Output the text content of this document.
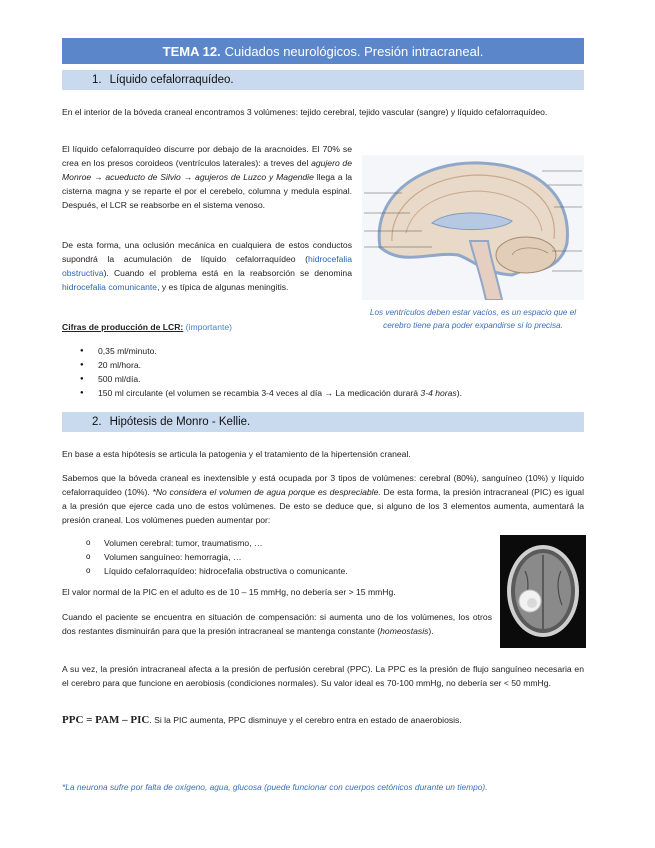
TEMA 12. Cuidados neurológicos. Presión intracraneal.
1. Líquido cefalorraquídeo.

En el interior de la bóveda craneal encontramos 3 volúmenes: tejido cerebral, tejido vascular (sangre) y líquido cefalorraquídeo.

El líquido cefalorraquídeo discurre por debajo de la aracnoides. El 70% se crea en los presos coroideos (ventrículos laterales): a treves del agujero de Monroe → acueducto de Silvio → agujeros de Luzco y Magendie llega a la cisterna magna y se reparte el por el cerebelo, columna y medula espinal. Después, el LCR se reabsorbe en el sistema venoso.

De esta forma, una oclusión mecánica en cualquiera de estos conductos supondrá la acumulación de líquido cefalorraquídeo (hidrocefalia obstructiva). Cuando el problema está en la reabsorción se denomina hidrocefalia comunicante, y es típica de algunas meningitis.

Cifras de producción de LCR: (importante)

● 0,35 ml/minuto.
● 20 ml/hora.
● 500 ml/día.
● 150 ml circulante (el volumen se recambia 3-4 veces al día → La medicación durará 3-4 horas).

Los ventrículos deben estar vacíos, es un espacio que el cerebro tiene para poder expandirse si lo precisa.

2. Hipótesis de Monro - Kellie.

En base a esta hipótesis se articula la patogenia y el tratamiento de la hipertensión craneal.

Sabemos que la bóveda craneal es inextensible y está ocupada por 3 tipos de volúmenes: cerebral (80%), sanguíneo (10%) y líquido cefalorraquídeo (10%). *No considera el volumen de agua porque es despreciable. De esta forma, la presión intracraneal (PIC) es igual a la presión que ejerce cada uno de estos volúmenes. De esto se deduce que, si alguno de los 3 elementos aumenta, aumentará la presión craneal. Los volúmenes pueden aumentar por:

o Volumen cerebral: tumor, traumatismo, …
o Volumen sanguíneo: hemorragia, …
o Líquido cefalorraquídeo: hidrocefalia obstructiva o comunicante.

El valor normal de la PIC en el adulto es de 10 – 15 mmHg, no debería ser > 15 mmHg.

Cuando el paciente se encuentra en situación de compensación: si aumenta uno de los volúmenes, los otros dos restantes disminuirán para que la presión intracraneal se mantenga constante (homeostasis).

A su vez, la presión intracraneal afecta a la presión de perfusión cerebral (PPC). La PPC es la presión de flujo sanguíneo necesaria en el cerebro para que funcione en aerobiosis (condiciones normales). Su valor ideal es 70-100 mmHg, no debería ser < 50 mmHg.

PPC = PAM – PIC. Si la PIC aumenta, PPC disminuye y el cerebro entra en estado de anaerobiosis.

*La neurona sufre por falta de oxígeno, agua, glucosa (puede funcionar con cuerpos cetónicos durante un tiempo).
